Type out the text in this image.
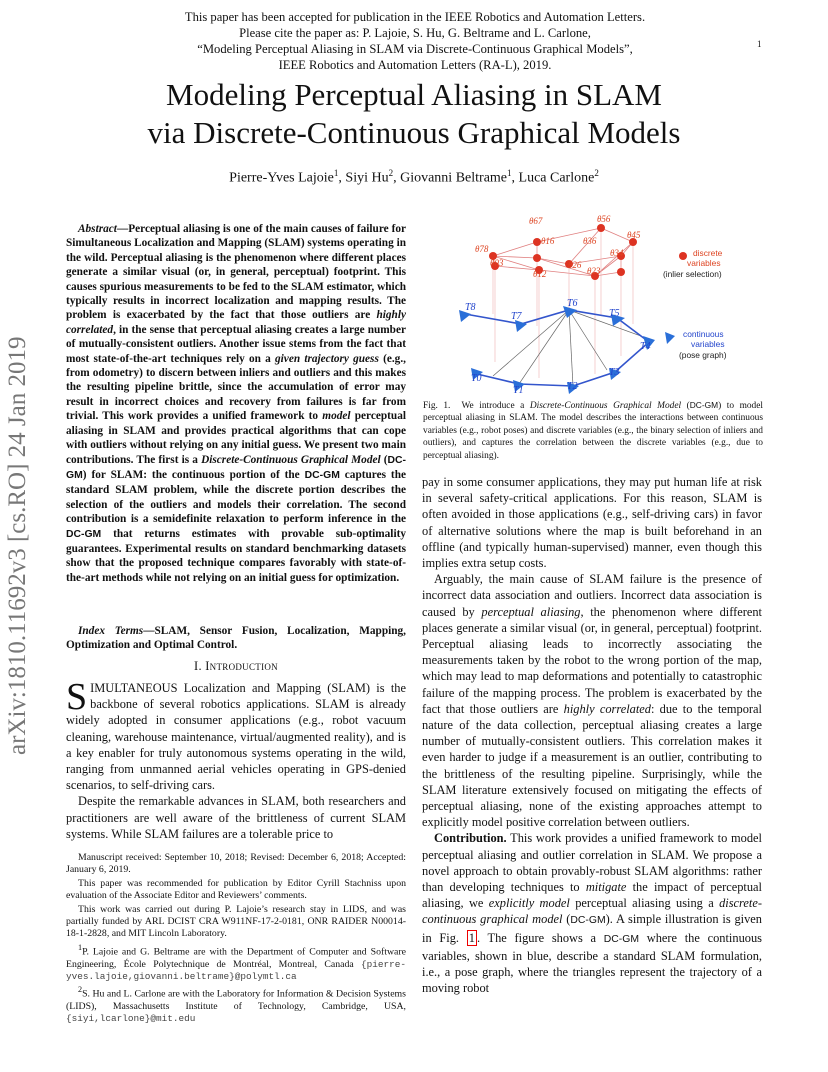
This paper has been accepted for publication in the IEEE Robotics and Automation Letters.
Please cite the paper as: P. Lajoie, S. Hu, G. Beltrame and L. Carlone,
“Modeling Perceptual Aliasing in SLAM via Discrete-Continuous Graphical Models”,
IEEE Robotics and Automation Letters (RA-L), 2019.
1
Modeling Perceptual Aliasing in SLAM
via Discrete-Continuous Graphical Models
Pierre-Yves Lajoie$^1$, Siyi Hu$^2$, Giovanni Beltrame$^1$, Luca Carlone$^2$
arXiv:1810.11692v3 [cs.RO] 24 Jan 2019

Abstract—Perceptual aliasing is one of the main causes of failure for Simultaneous Localization and Mapping (SLAM) systems operating in the wild. Perceptual aliasing is the phenomenon where different places generate a similar visual (or, in general, perceptual) footprint. This causes spurious measurements to be fed to the SLAM estimator, which typically results in incorrect localization and mapping results. The problem is exacerbated by the fact that those outliers are highly correlated, in the sense that perceptual aliasing creates a large number of mutually-consistent outliers. Another issue stems from the fact that most state-of-the-art techniques rely on a given trajectory guess (e.g., from odometry) to discern between inliers and outliers and this makes the resulting pipeline brittle, since the accumulation of error may result in incorrect choices and recovery from failures is far from trivial. This work provides a unified framework to model perceptual aliasing in SLAM and provides practical algorithms that can cope with outliers without relying on any initial guess. We present two main contributions. The first is a Discrete-Continuous Graphical Model (DC-GM) for SLAM: the continuous portion of the DC-GM captures the standard SLAM problem, while the discrete portion describes the selection of the outliers and models their correlation. The second contribution is a semidefinite relaxation to perform inference in the DC-GM that returns estimates with provable sub-optimality guarantees. Experimental results on standard benchmarking datasets show that the proposed technique compares favorably with state-of-the-art methods while not relying on an initial guess for optimization.

Index Terms—SLAM, Sensor Fusion, Localization, Mapping, Optimization and Optimal Control.

I. Introduction

SIMULTANEOUS Localization and Mapping (SLAM) is the backbone of several robotics applications. SLAM is already widely adopted in consumer applications (e.g., robot vacuum cleaning, warehouse maintenance, virtual/augmented reality), and is a key enabler for truly autonomous systems operating in the wild, ranging from unmanned aerial vehicles operating in GPS-denied scenarios, to self-driving cars.

Despite the remarkable advances in SLAM, both researchers and practitioners are well aware of the brittleness of current SLAM systems. While SLAM failures are a tolerable price to

Manuscript received: September 10, 2018; Revised: December 6, 2018; Accepted: January 6, 2019.

This paper was recommended for publication by Editor Cyrill Stachniss upon evaluation of the Associate Editor and Reviewers’ comments.

This work was carried out during P. Lajoie’s research stay in LIDS, and was partially funded by ARL DCIST CRA W911NF-17-2-0181, ONR RAIDER N00014-18-1-2828, and MIT Lincoln Laboratory.

$^1$P. Lajoie and G. Beltrame are with the Department of Computer and Software Engineering, École Polytechnique de Montréal, Montreal, Canada {pierre-yves.lajoie,giovanni.beltrame}@polymtl.ca

$^2$S. Hu and L. Carlone are with the Laboratory for Information & Decision Systems (LIDS), Massachusetts Institute of Technology, Cambridge, USA, {siyi,lcarlone}@mit.edu

θ67	θ56
θ78
θ16	θ36
θ45
θ03	θ26
θ34
θ12	θ23
T8
T7
T6
T5
T4
T3
T2
T1
T0
discrete
variables
(inlier selection)
continuous
variables
(pose graph)
Fig. 1. We introduce a Discrete-Continuous Graphical Model (DC-GM) to model perceptual aliasing in SLAM. The model describes the interactions between continuous variables (e.g., robot poses) and discrete variables (e.g., the binary selection of inliers and outliers), and captures the correlation between the discrete variables (e.g., due to perceptual aliasing).

pay in some consumer applications, they may put human life at risk in several safety-critical applications. For this reason, SLAM is often avoided in those applications (e.g., self-driving cars) in favor of alternative solutions where the map is built beforehand in an offline (and typically human-supervised) manner, even though this implies extra setup costs.

Arguably, the main cause of SLAM failure is the presence of incorrect data association and outliers. Incorrect data association is caused by perceptual aliasing, the phenomenon where different places generate a similar visual (or, in general, perceptual) footprint. Perceptual aliasing leads to incorrectly associating the measurements taken by the robot to the wrong portion of the map, which may lead to map deformations and potentially to catastrophic failure of the mapping process. The problem is exacerbated by the fact that those outliers are highly correlated: due to the temporal nature of the data collection, perceptual aliasing creates a large number of mutually-consistent outliers. This correlation makes it even harder to judge if a measurement is an outlier, contributing to the brittleness of the resulting pipeline. Surprisingly, while the SLAM literature extensively focused on mitigating the effects of perceptual aliasing, none of the existing approaches attempt to explicitly model positive correlation between outliers.

Contribution. This work provides a unified framework to model perceptual aliasing and outlier correlation in SLAM. We propose a novel approach to obtain provably-robust SLAM algorithms: rather than developing techniques to mitigate the impact of perceptual aliasing, we explicitly model perceptual aliasing using a discrete-continuous graphical model (DC-GM). A simple illustration is given in Fig. 1 . The figure shows a DC-GM where the continuous variables, shown in blue, describe a standard SLAM formulation, i.e., a pose graph, where the triangles represent the trajectory of a moving robot
